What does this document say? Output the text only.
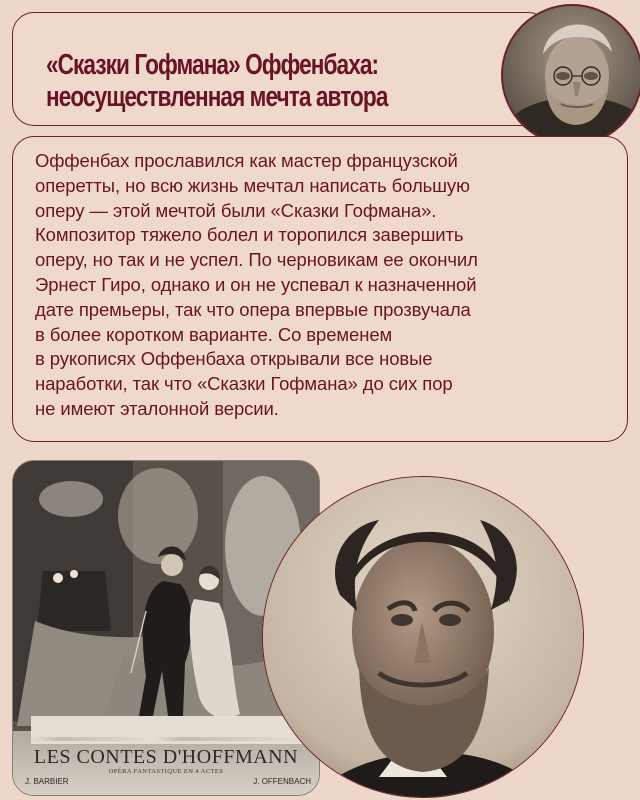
«Сказки Гофмана» Оффенбаха:
неосуществленная мечта автора

Оффенбах прославился как мастер французской
оперетты, но всю жизнь мечтал написать большую
оперу — этой мечтой были «Сказки Гофмана».
Композитор тяжело болел и торопился завершить
оперу, но так и не успел. По черновикам ее окончил
Эрнест Гиро, однако и он не успевал к назначенной
дате премьеры, так что опера впервые прозвучала
в более коротком варианте. Со временем
в рукописях Оффенбаха открывали все новые
наработки, так что «Сказки Гофмана» до сих пор
не имеют эталонной версии.

LES CONTES D'HOFFMANN
OPÉRA FANTASTIQUE EN 4 ACTES
J. BARBIER	J. OFFENBACH
